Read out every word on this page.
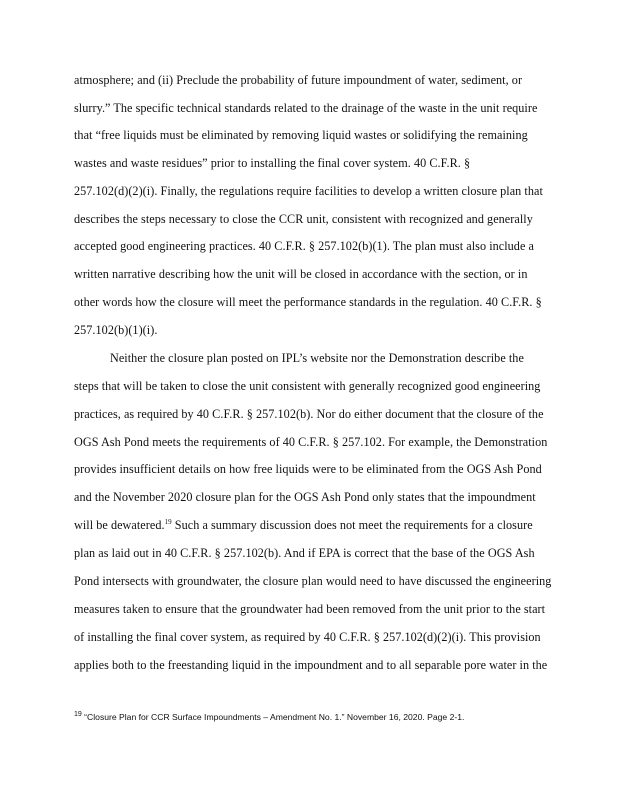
atmosphere; and (ii) Preclude the probability of future impoundment of water, sediment, or
slurry.” The specific technical standards related to the drainage of the waste in the unit require
that “free liquids must be eliminated by removing liquid wastes or solidifying the remaining
wastes and waste residues” prior to installing the final cover system. 40 C.F.R. §
257.102(d)(2)(i). Finally, the regulations require facilities to develop a written closure plan that
describes the steps necessary to close the CCR unit, consistent with recognized and generally
accepted good engineering practices. 40 C.F.R. § 257.102(b)(1). The plan must also include a
written narrative describing how the unit will be closed in accordance with the section, or in
other words how the closure will meet the performance standards in the regulation. 40 C.F.R. §
257.102(b)(1)(i).
Neither the closure plan posted on IPL’s website nor the Demonstration describe the
steps that will be taken to close the unit consistent with generally recognized good engineering
practices, as required by 40 C.F.R. § 257.102(b). Nor do either document that the closure of the
OGS Ash Pond meets the requirements of 40 C.F.R. § 257.102. For example, the Demonstration
provides insufficient details on how free liquids were to be eliminated from the OGS Ash Pond
and the November 2020 closure plan for the OGS Ash Pond only states that the impoundment
will be dewatered.$^{19}$ Such a summary discussion does not meet the requirements for a closure
plan as laid out in 40 C.F.R. § 257.102(b). And if EPA is correct that the base of the OGS Ash
Pond intersects with groundwater, the closure plan would need to have discussed the engineering
measures taken to ensure that the groundwater had been removed from the unit prior to the start
of installing the final cover system, as required by 40 C.F.R. § 257.102(d)(2)(i). This provision
applies both to the freestanding liquid in the impoundment and to all separable pore water in the
$^{19}$ “Closure Plan for CCR Surface Impoundments – Amendment No. 1.” November 16, 2020. Page 2-1.
